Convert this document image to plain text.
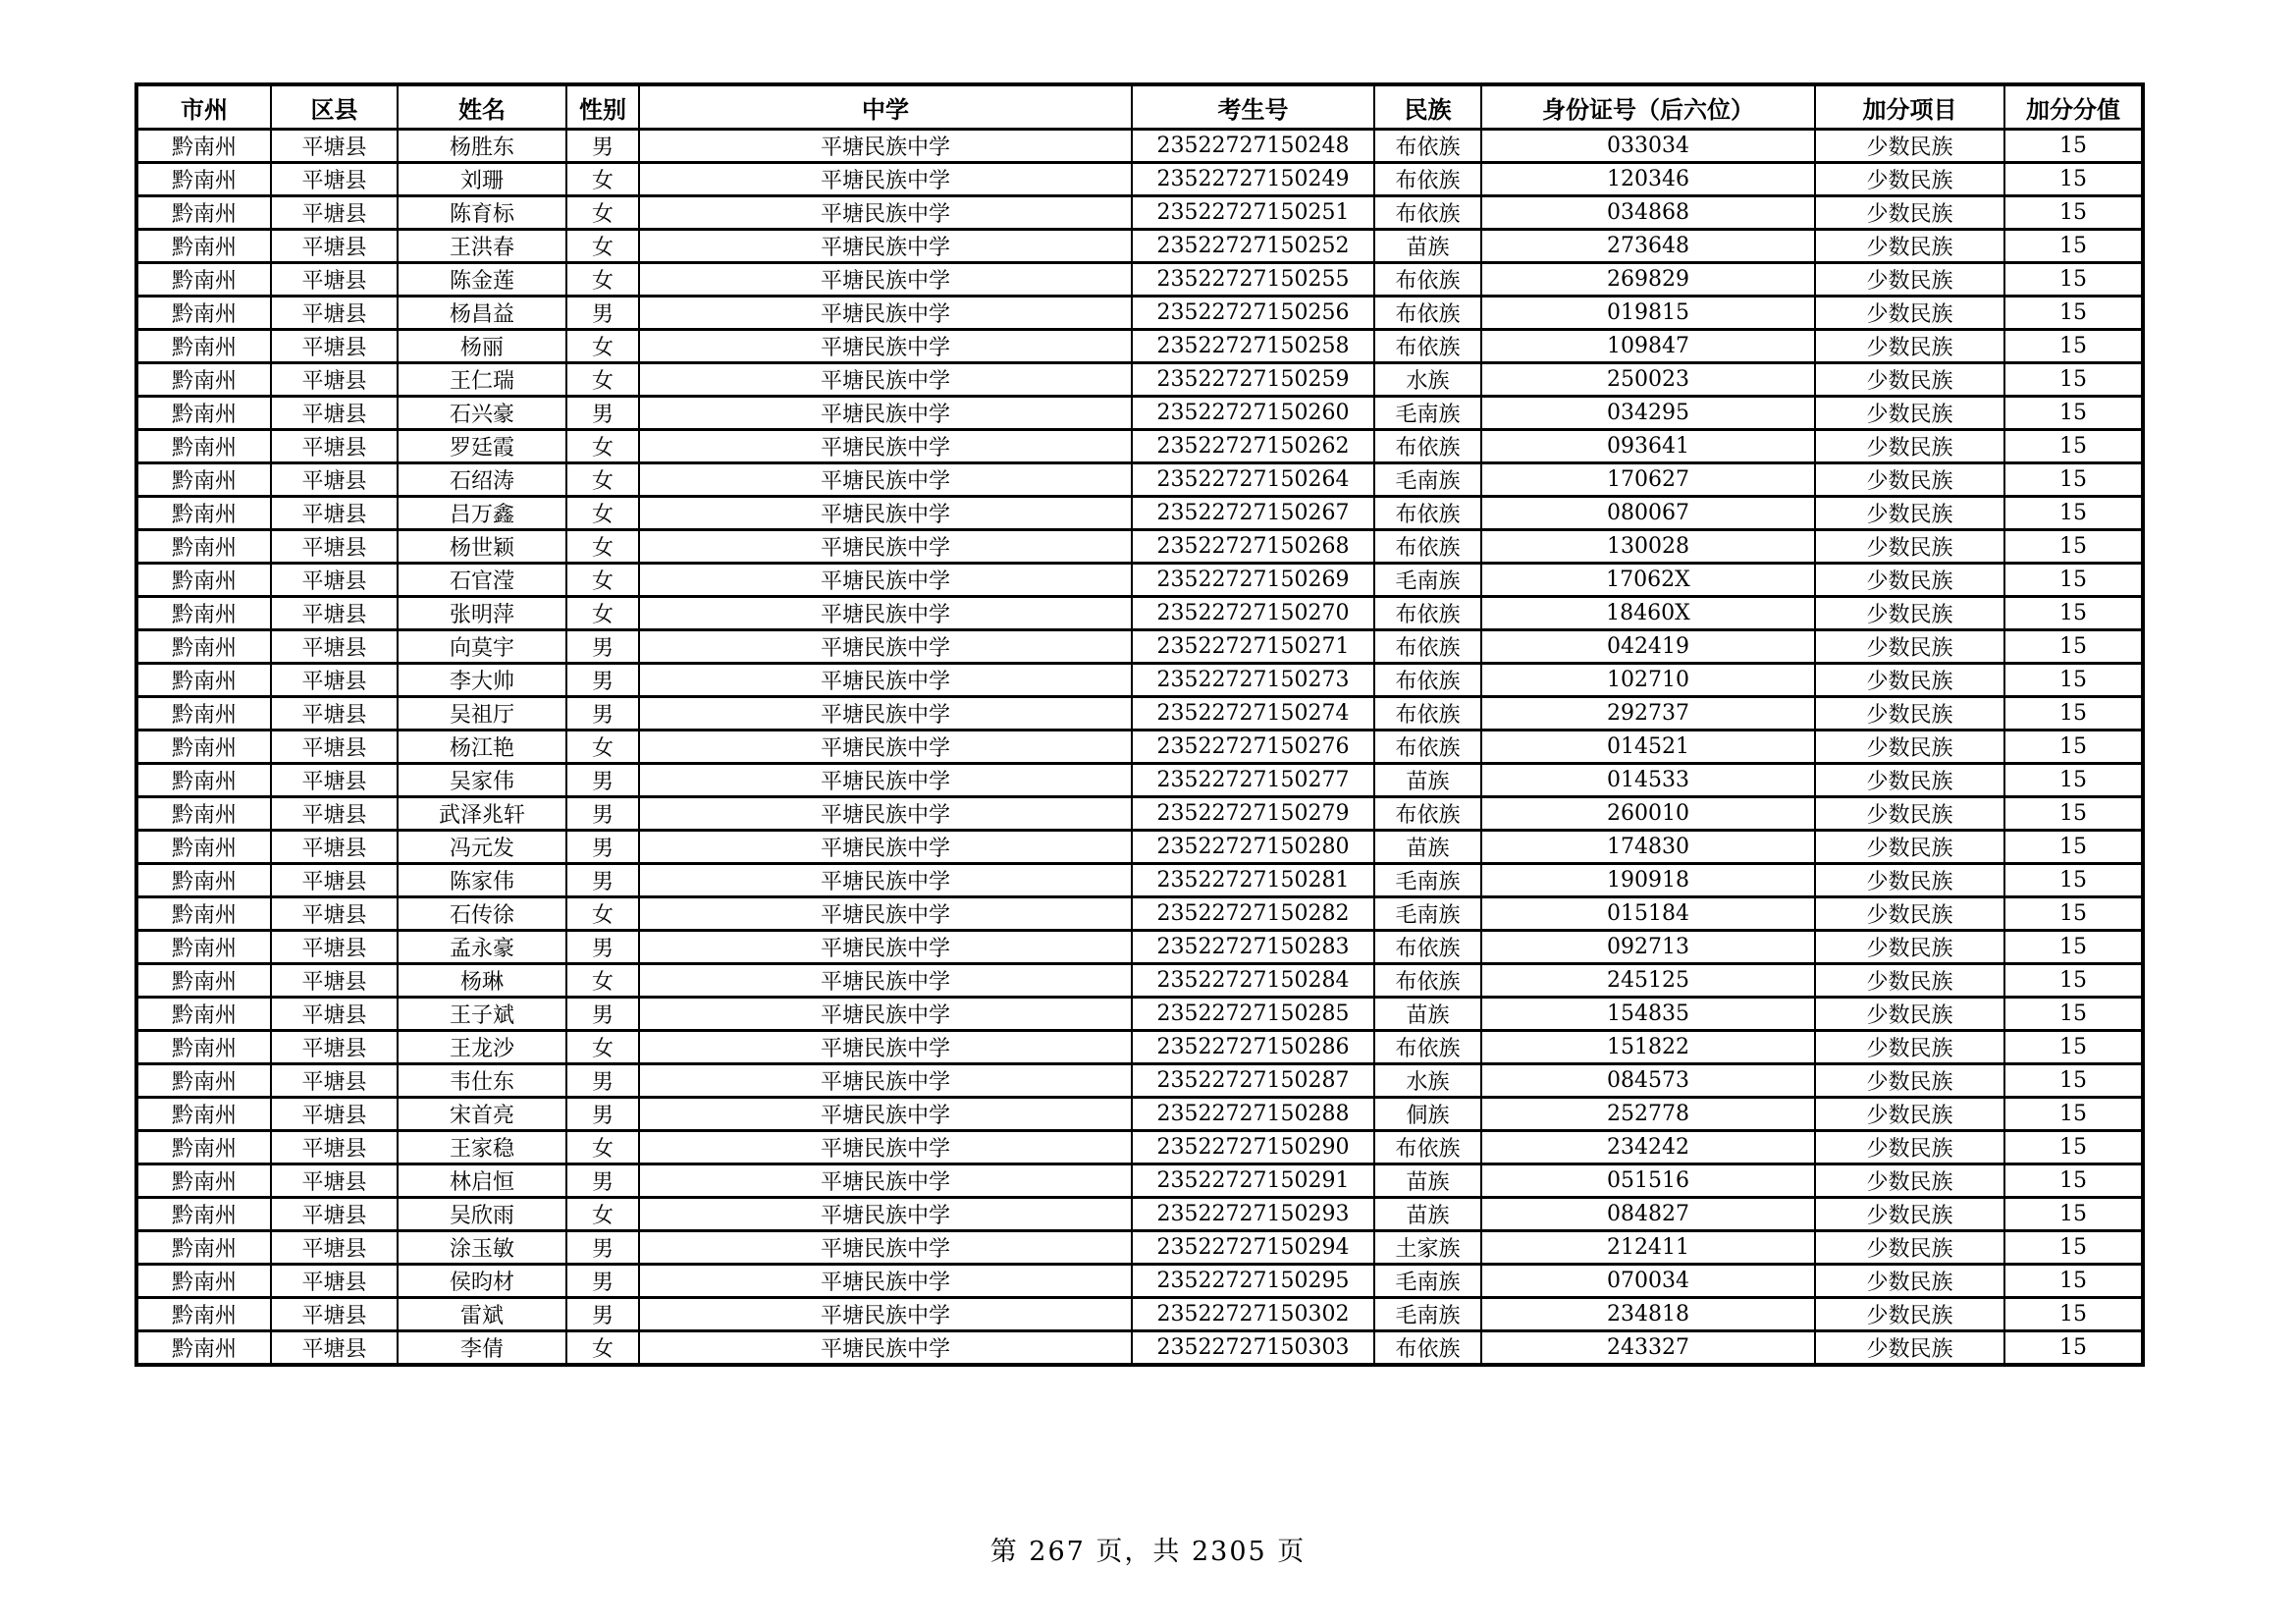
市州	区县	姓名	性别	中学	考生号	民族	身份证号（后六位）	加分项目	加分分值
黔南州	平塘县	杨胜东	男	平塘民族中学	23522727150248	布依族	033034	少数民族	15
黔南州	平塘县	刘珊	女	平塘民族中学	23522727150249	布依族	120346	少数民族	15
黔南州	平塘县	陈育标	女	平塘民族中学	23522727150251	布依族	034868	少数民族	15
黔南州	平塘县	王洪春	女	平塘民族中学	23522727150252	苗族	273648	少数民族	15
黔南州	平塘县	陈金莲	女	平塘民族中学	23522727150255	布依族	269829	少数民族	15
黔南州	平塘县	杨昌益	男	平塘民族中学	23522727150256	布依族	019815	少数民族	15
黔南州	平塘县	杨丽	女	平塘民族中学	23522727150258	布依族	109847	少数民族	15
黔南州	平塘县	王仁瑞	女	平塘民族中学	23522727150259	水族	250023	少数民族	15
黔南州	平塘县	石兴豪	男	平塘民族中学	23522727150260	毛南族	034295	少数民族	15
黔南州	平塘县	罗廷霞	女	平塘民族中学	23522727150262	布依族	093641	少数民族	15
黔南州	平塘县	石绍涛	女	平塘民族中学	23522727150264	毛南族	170627	少数民族	15
黔南州	平塘县	吕万鑫	女	平塘民族中学	23522727150267	布依族	080067	少数民族	15
黔南州	平塘县	杨世颖	女	平塘民族中学	23522727150268	布依族	130028	少数民族	15
黔南州	平塘县	石官滢	女	平塘民族中学	23522727150269	毛南族	17062X	少数民族	15
黔南州	平塘县	张明萍	女	平塘民族中学	23522727150270	布依族	18460X	少数民族	15
黔南州	平塘县	向莫宇	男	平塘民族中学	23522727150271	布依族	042419	少数民族	15
黔南州	平塘县	李大帅	男	平塘民族中学	23522727150273	布依族	102710	少数民族	15
黔南州	平塘县	吴祖厅	男	平塘民族中学	23522727150274	布依族	292737	少数民族	15
黔南州	平塘县	杨江艳	女	平塘民族中学	23522727150276	布依族	014521	少数民族	15
黔南州	平塘县	吴家伟	男	平塘民族中学	23522727150277	苗族	014533	少数民族	15
黔南州	平塘县	武泽兆轩	男	平塘民族中学	23522727150279	布依族	260010	少数民族	15
黔南州	平塘县	冯元发	男	平塘民族中学	23522727150280	苗族	174830	少数民族	15
黔南州	平塘县	陈家伟	男	平塘民族中学	23522727150281	毛南族	190918	少数民族	15
黔南州	平塘县	石传徐	女	平塘民族中学	23522727150282	毛南族	015184	少数民族	15
黔南州	平塘县	孟永豪	男	平塘民族中学	23522727150283	布依族	092713	少数民族	15
黔南州	平塘县	杨琳	女	平塘民族中学	23522727150284	布依族	245125	少数民族	15
黔南州	平塘县	王子斌	男	平塘民族中学	23522727150285	苗族	154835	少数民族	15
黔南州	平塘县	王龙沙	女	平塘民族中学	23522727150286	布依族	151822	少数民族	15
黔南州	平塘县	韦仕东	男	平塘民族中学	23522727150287	水族	084573	少数民族	15
黔南州	平塘县	宋首亮	男	平塘民族中学	23522727150288	侗族	252778	少数民族	15
黔南州	平塘县	王家稳	女	平塘民族中学	23522727150290	布依族	234242	少数民族	15
黔南州	平塘县	林启恒	男	平塘民族中学	23522727150291	苗族	051516	少数民族	15
黔南州	平塘县	吴欣雨	女	平塘民族中学	23522727150293	苗族	084827	少数民族	15
黔南州	平塘县	涂玉敏	男	平塘民族中学	23522727150294	土家族	212411	少数民族	15
黔南州	平塘县	侯昀材	男	平塘民族中学	23522727150295	毛南族	070034	少数民族	15
黔南州	平塘县	雷斌	男	平塘民族中学	23522727150302	毛南族	234818	少数民族	15
黔南州	平塘县	李倩	女	平塘民族中学	23522727150303	布依族	243327	少数民族	15
第 267 页，共 2305 页
